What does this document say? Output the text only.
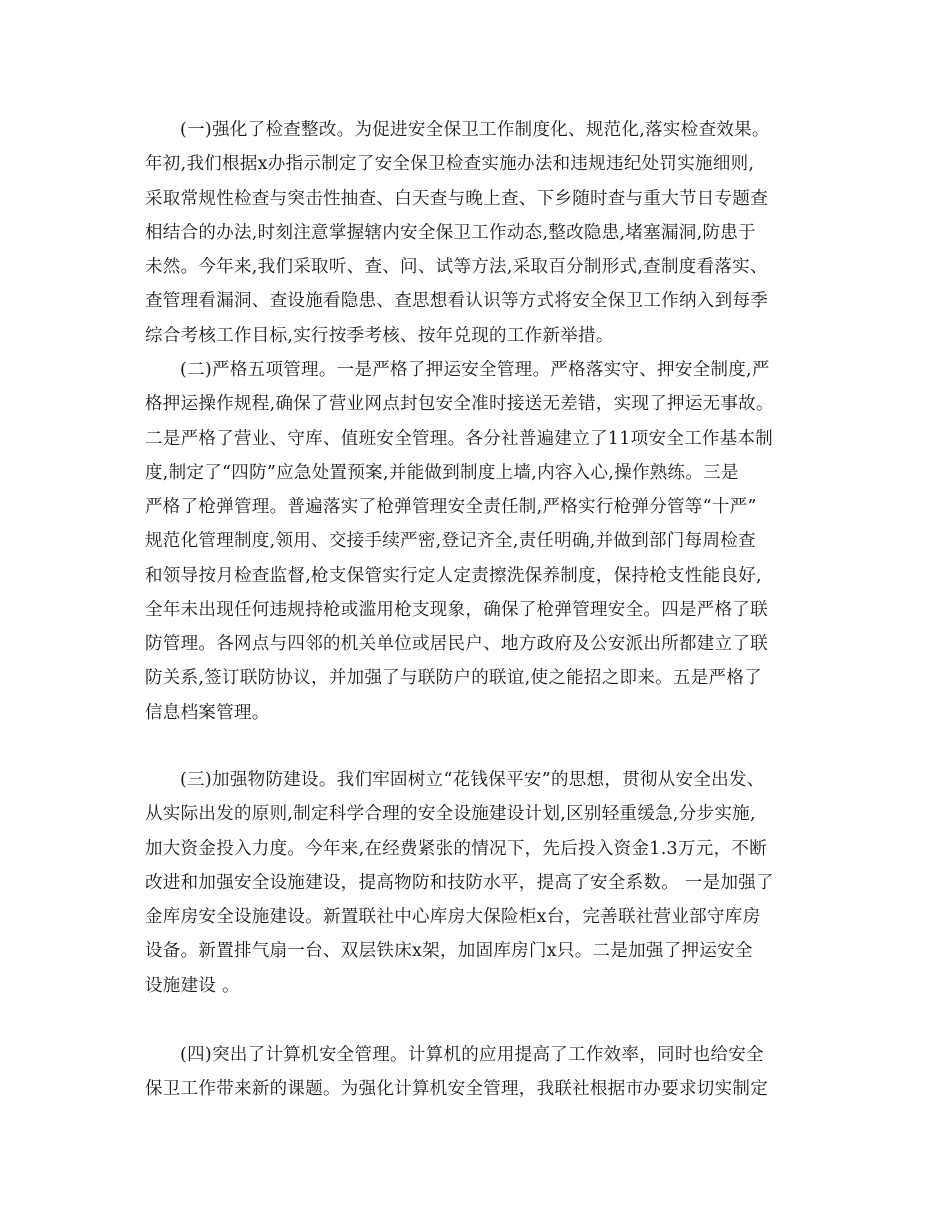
(一)强化了检查整改。为促进安全保卫工作制度化、规范化,落实检查效果。
年初,我们根据x办指示制定了安全保卫检查实施办法和违规违纪处罚实施细则,
采取常规性检查与突击性抽查、白天查与晚上查、下乡随时查与重大节日专题查
相结合的办法,时刻注意掌握辖内安全保卫工作动态,整改隐患,堵塞漏洞,防患于
未然。今年来,我们采取听、查、问、试等方法,采取百分制形式,查制度看落实、
查管理看漏洞、查设施看隐患、查思想看认识等方式将安全保卫工作纳入到每季
综合考核工作目标,实行按季考核、按年兑现的工作新举措。
(二)严格五项管理。一是严格了押运安全管理。严格落实守、押安全制度,严
格押运操作规程,确保了营业网点封包安全准时接送无差错，实现了押运无事故。
二是严格了营业、守库、值班安全管理。各分社普遍建立了11项安全工作基本制
度,制定了“四防”应急处置预案,并能做到制度上墙,内容入心,操作熟练。三是
严格了枪弹管理。普遍落实了枪弹管理安全责任制,严格实行枪弹分管等“十严”
规范化管理制度,领用、交接手续严密,登记齐全,责任明确,并做到部门每周检查
和领导按月检查监督,枪支保管实行定人定责擦洗保养制度，保持枪支性能良好,
全年未出现任何违规持枪或滥用枪支现象，确保了枪弹管理安全。四是严格了联
防管理。各网点与四邻的机关单位或居民户、地方政府及公安派出所都建立了联
防关系,签订联防协议，并加强了与联防户的联谊,使之能招之即来。五是严格了
信息档案管理。
(三)加强物防建设。我们牢固树立“花钱保平安”的思想，贯彻从安全出发、
从实际出发的原则,制定科学合理的安全设施建设计划,区别轻重缓急,分步实施,
加大资金投入力度。今年来,在经费紧张的情况下，先后投入资金1.3万元，不断
改进和加强安全设施建设，提高物防和技防水平，提高了安全系数。 一是加强了
金库房安全设施建设。新置联社中心库房大保险柜x台，完善联社营业部守库房
设备。新置排气扇一台、双层铁床x架，加固库房门x只。二是加强了押运安全
设施建设 。
(四)突出了计算机安全管理。计算机的应用提高了工作效率，同时也给安全
保卫工作带来新的课题。为强化计算机安全管理，我联社根据市办要求切实制定
